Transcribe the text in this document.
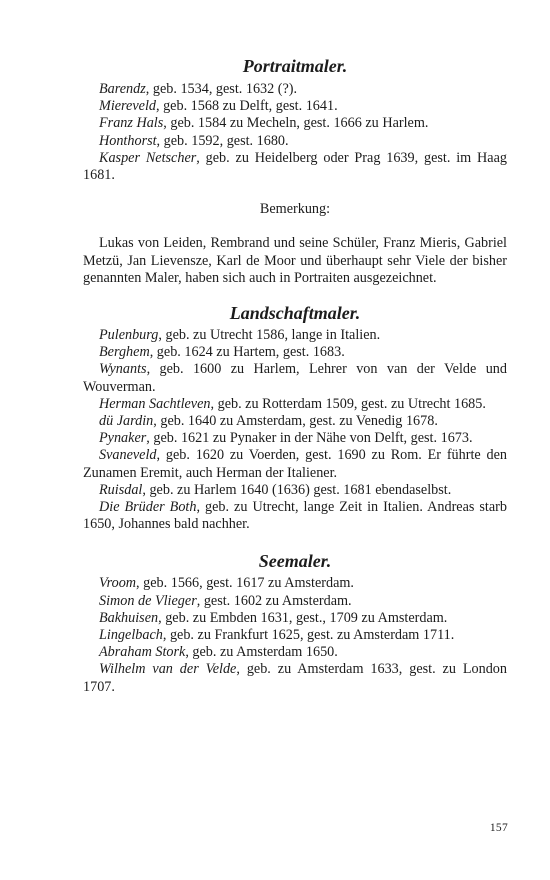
Portraitmaler.

Barendz, geb. 1534, gest. 1632 (?).

Miereveld, geb. 1568 zu Delft, gest. 1641.

Franz Hals, geb. 1584 zu Mecheln, gest. 1666 zu Harlem.

Honthorst, geb. 1592, gest. 1680.

Kasper Netscher, geb. zu Heidelberg oder Prag 1639, gest. im Haag 1681.

Bemerkung:

Lukas von Leiden, Rembrand und seine Schüler, Franz Mieris, Gabriel Metzü, Jan Lievensze, Karl de Moor und überhaupt sehr Viele der bisher genannten Maler, haben sich auch in Portraiten ausgezeichnet.

Landschaftmaler.

Pulenburg, geb. zu Utrecht 1586, lange in Italien.

Berghem, geb. 1624 zu Hartem, gest. 1683.

Wynants, geb. 1600 zu Harlem, Lehrer von van der Velde und Wouverman.

Herman Sachtleven, geb. zu Rotterdam 1509, gest. zu Utrecht 1685.

dü Jardin, geb. 1640 zu Amsterdam, gest. zu Venedig 1678.

Pynaker, geb. 1621 zu Pynaker in der Nähe von Delft, gest. 1673.

Svaneveld, geb. 1620 zu Voerden, gest. 1690 zu Rom. Er führte den Zunamen Eremit, auch Herman der Italiener.

Ruisdal, geb. zu Harlem 1640 (1636) gest. 1681 ebendaselbst.

Die Brüder Both, geb. zu Utrecht, lange Zeit in Italien. Andreas starb 1650, Johannes bald nachher.

Seemaler.

Vroom, geb. 1566, gest. 1617 zu Amsterdam.

Simon de Vlieger, gest. 1602 zu Amsterdam.

Bakhuisen, geb. zu Embden 1631, gest., 1709 zu Amsterdam.

Lingelbach, geb. zu Frankfurt 1625, gest. zu Amsterdam 1711.

Abraham Stork, geb. zu Amsterdam 1650.

Wilhelm van der Velde, geb. zu Amsterdam 1633, gest. zu London 1707.

157
